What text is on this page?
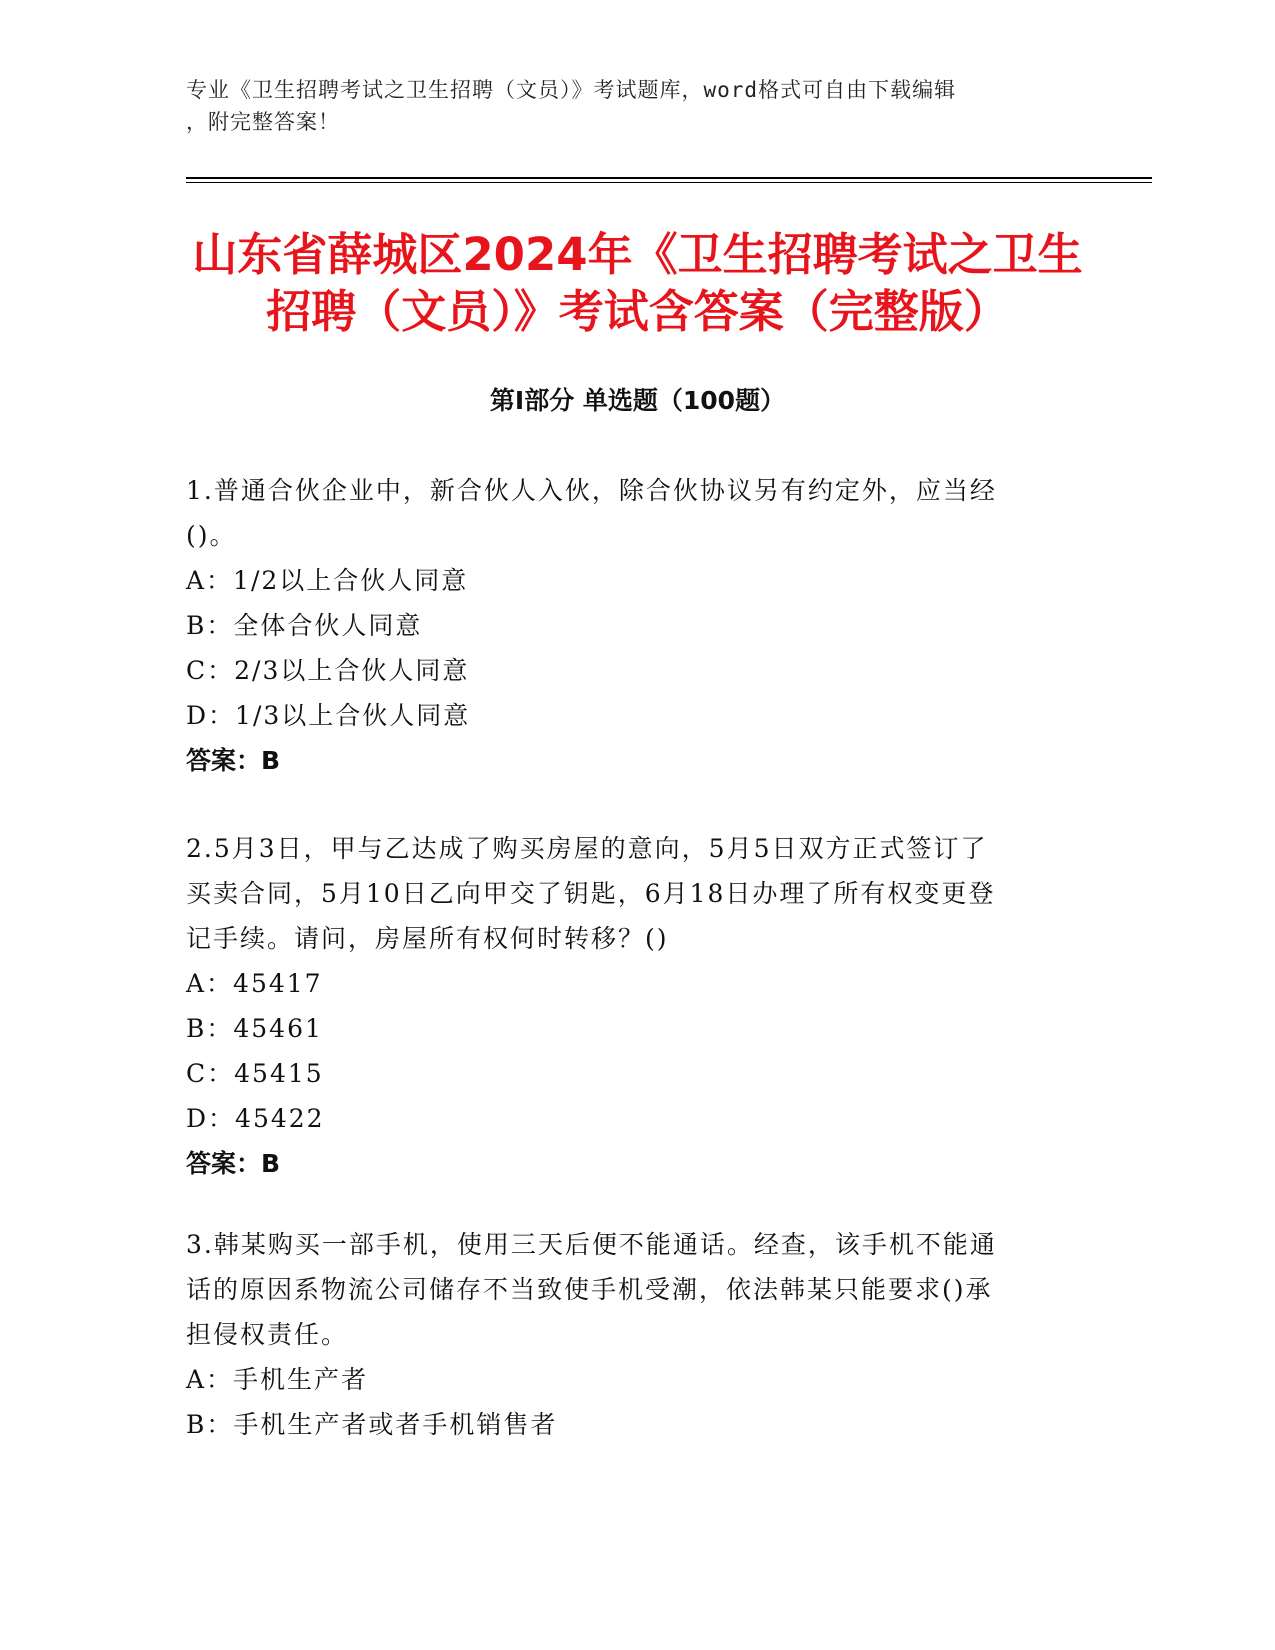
专业《卫生招聘考试之卫生招聘（文员）》考试题库，word格式可自由下载编辑
，附完整答案！
山东省薛城区2024年《卫生招聘考试之卫生
招聘（文员）》考试含答案（完整版）
第Ⅰ部分 单选题（100题）
1.普通合伙企业中，新合伙人入伙，除合伙协议另有约定外，应当经
()。
A：1/2以上合伙人同意
B：全体合伙人同意
C：2/3以上合伙人同意
D：1/3以上合伙人同意
答案：B
2.5月3日，甲与乙达成了购买房屋的意向，5月5日双方正式签订了
买卖合同，5月10日乙向甲交了钥匙，6月18日办理了所有权变更登
记手续。请问，房屋所有权何时转移？()
A：45417
B：45461
C：45415
D：45422
答案：B
3.韩某购买一部手机，使用三天后便不能通话。经查，该手机不能通
话的原因系物流公司储存不当致使手机受潮，依法韩某只能要求()承
担侵权责任。
A：手机生产者
B：手机生产者或者手机销售者
